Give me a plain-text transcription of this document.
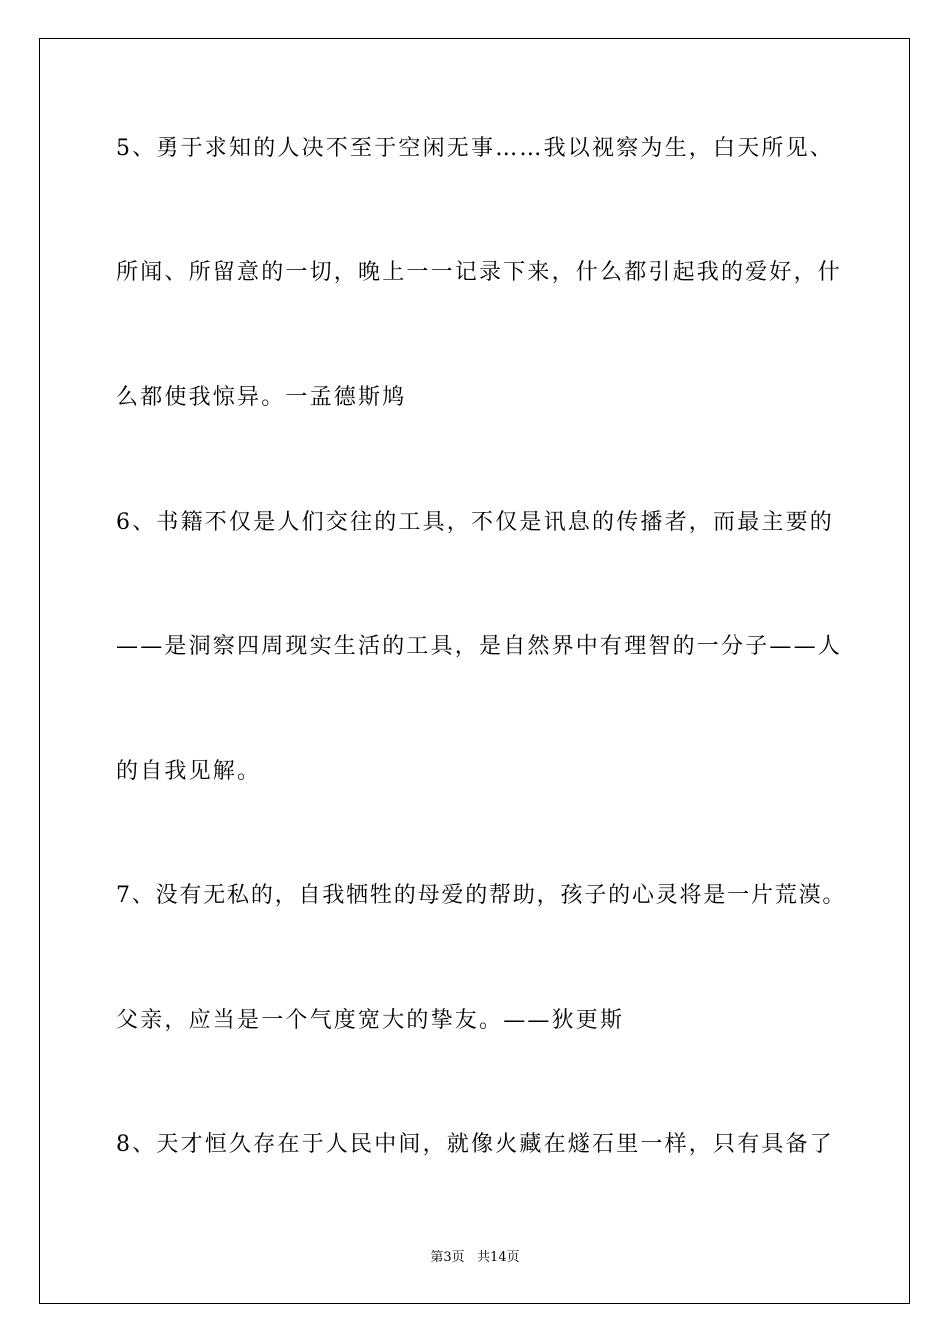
5、勇于求知的人决不至于空闲无事……我以视察为生，白天所见、
所闻、所留意的一切，晚上一一记录下来，什么都引起我的爱好，什
么都使我惊异。一孟德斯鸠
6、书籍不仅是人们交往的工具，不仅是讯息的传播者，而最主要的
——是洞察四周现实生活的工具，是自然界中有理智的一分子——人
的自我见解。
7、没有无私的，自我牺牲的母爱的帮助，孩子的心灵将是一片荒漠。
父亲，应当是一个气度宽大的挚友。——狄更斯
8、天才恒久存在于人民中间，就像火藏在燧石里一样，只有具备了
第3页   共14页
